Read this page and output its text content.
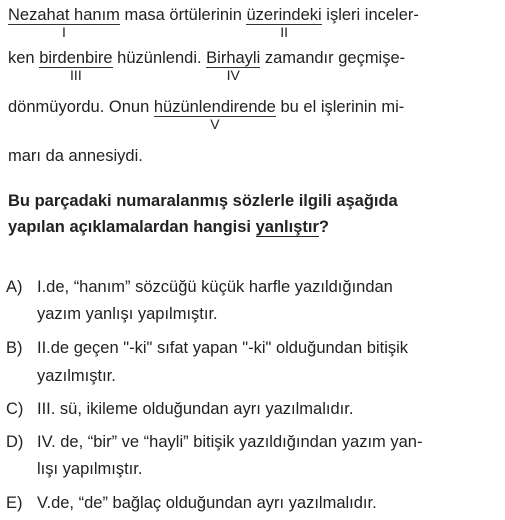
Nezahat hanım
I
masa örtülerinin üzerindeki
II
işleri inceler-
ken birdenbire
III
hüzünlendi. Birhayli
IV
zamandır geçmişe-
dönmüyordu. Onun hüzünlendirende
V
bu el işlerinin mi-
marı da annesiydi.
Bu parçadaki numaralanmış sözlerle ilgili aşağıda
yapılan açıklamalardan hangisi yanlıştır?
A) I.de, “hanım” sözcüğü küçük harfle yazıldığından
yazım yanlışı yapılmıştır.
B) II.de geçen "-ki" sıfat yapan "-ki" olduğundan bitişik
yazılmıştır.
C) III. sü, ikileme olduğundan ayrı yazılmalıdır.
D) IV. de, “bir” ve “hayli” bitişik yazıldığından yazım yan-
lışı yapılmıştır.
E) V.de, “de” bağlaç olduğundan ayrı yazılmalıdır.
